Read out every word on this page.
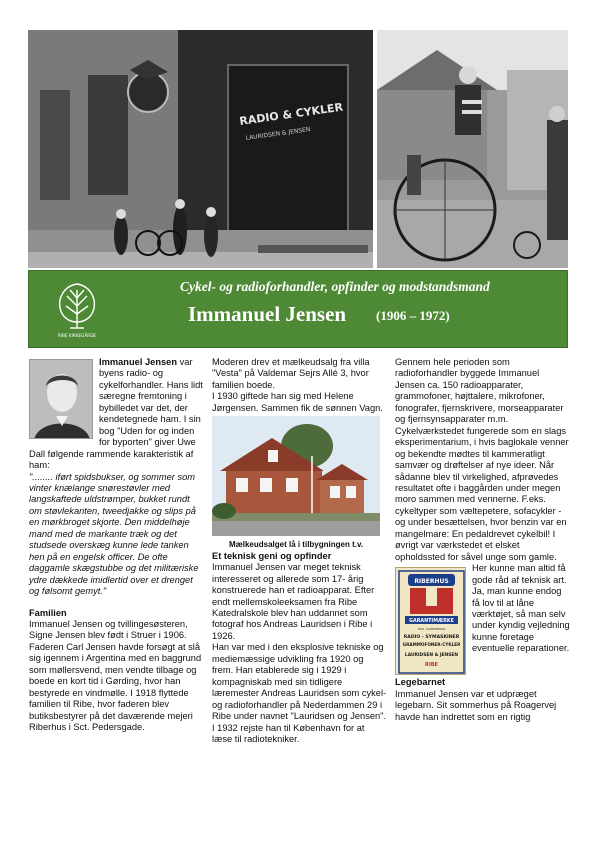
RADIO & CYKLER
LAURIDSEN & JENSEN
RIBE KIRKEGÅRDE
Cykel- og radioforhandler, opfinder og modstandsmand
Immanuel Jensen (1906 – 1972)

Immanuel Jensen
var byens radio- og cykelforhandler. Hans lidt særegne fremtoning i bybilledet var det, der kendetegnede ham. I sin bog "Uden for og inden for byporten" giver Uwe Dall følgende rammende karakteristik af ham:

"........ iført spidsbukser, og sommer som vinter knælange snørestøvler med langskaftede uldstrømper, bukket rundt om støvlekanten, tweedjakke og slips på en mørkbroget skjorte. Den middelhøje mand med de markante træk og det studsede overskæg kunne lede tanken hen på en engelsk officer. De ofte daggamle skægstubbe og det militæriske ydre dækkede imidlertid over et drenget og følsomt gemyt."

Familien

Immanuel Jensen og tvillingesøsteren, Signe Jensen blev født i Struer i 1906. Faderen Carl Jensen havde forsøgt at slå sig igennem i Argentina med en baggrund som møllersvend, men vendte tilbage og boede en kort tid i Gørding, hvor han bestyrede en vindmølle. I 1918 flyttede familien til Ribe, hvor faderen blev butiksbestyrer på det daværende mejeri Riberhus i Sct. Pedersgade.

Moderen drev et mælkeudsalg fra villa "Vesta" på Valdemar Sejrs Allé 3, hvor familien boede.

I 1930 giftede han sig med Helene Jørgensen. Sammen fik de sønnen Vagn.

Mælkeudsalget lå i tilbygningen t.v.

Et teknisk geni og opfinder

Immanuel Jensen var meget teknisk interesseret og allerede som 17- årig konstruerede han et radioapparat. Efter endt mellemskoleeksamen fra Ribe Katedralskole blev han uddannet som fotograf hos Andreas Lauridsen i Ribe i 1926.

Han var med i den eksplosive tekniske og mediemæssige udvikling fra 1920 og frem. Han etablerede sig i 1929 i kompagniskab med sin tidligere læremester Andreas Lauridsen som cykel- og radioforhandler på Nederdammen 29 i Ribe under navnet "Lauridsen og Jensen". I 1932 rejste han til København for at læse til radiotekniker.

Gennem hele perioden som radioforhandler byggede Immanuel Jensen ca. 150 radioapparater, grammofoner, højttalere, mikrofoner, fonografer, fjernskrivere, morseapparater og fjernsynsapparater m.m.

Cykelværkstedet fungerede som en slags eksperimentarium, i hvis baglokale venner og bekendte mødtes til kammeratligt samvær og drøftelser af nye ideer. Når sådanne blev til virkelighed, afprøvedes resultatet ofte i baggården under megen moro sammen med vennerne. F.eks. cykeltyper som væltepetere, sofacykler - og under besættelsen, hvor benzin var en mangelmare: En pedaldrevet cykelbil! I øvrigt var værkstedet et elsket opholdssted for såvel unge som gamle.

RIBERHUS
GARANTIMÆRKE
HOS. VAREMÆRKE
RADIO - SYMASKINER
GRAMMOFONER-CYKLER
LAURIDSEN & JENSEN
RIBE
Her kunne man altid få gode råd af teknisk art. Ja, man kunne endog få lov til at låne værktøjet, så man selv under kyndig vejledning kunne foretage eventuelle reparationer.

Legebarnet

Immanuel Jensen var et udpræget legebarn. Sit sommerhus på Roagervej havde han indrettet som en rigtig
